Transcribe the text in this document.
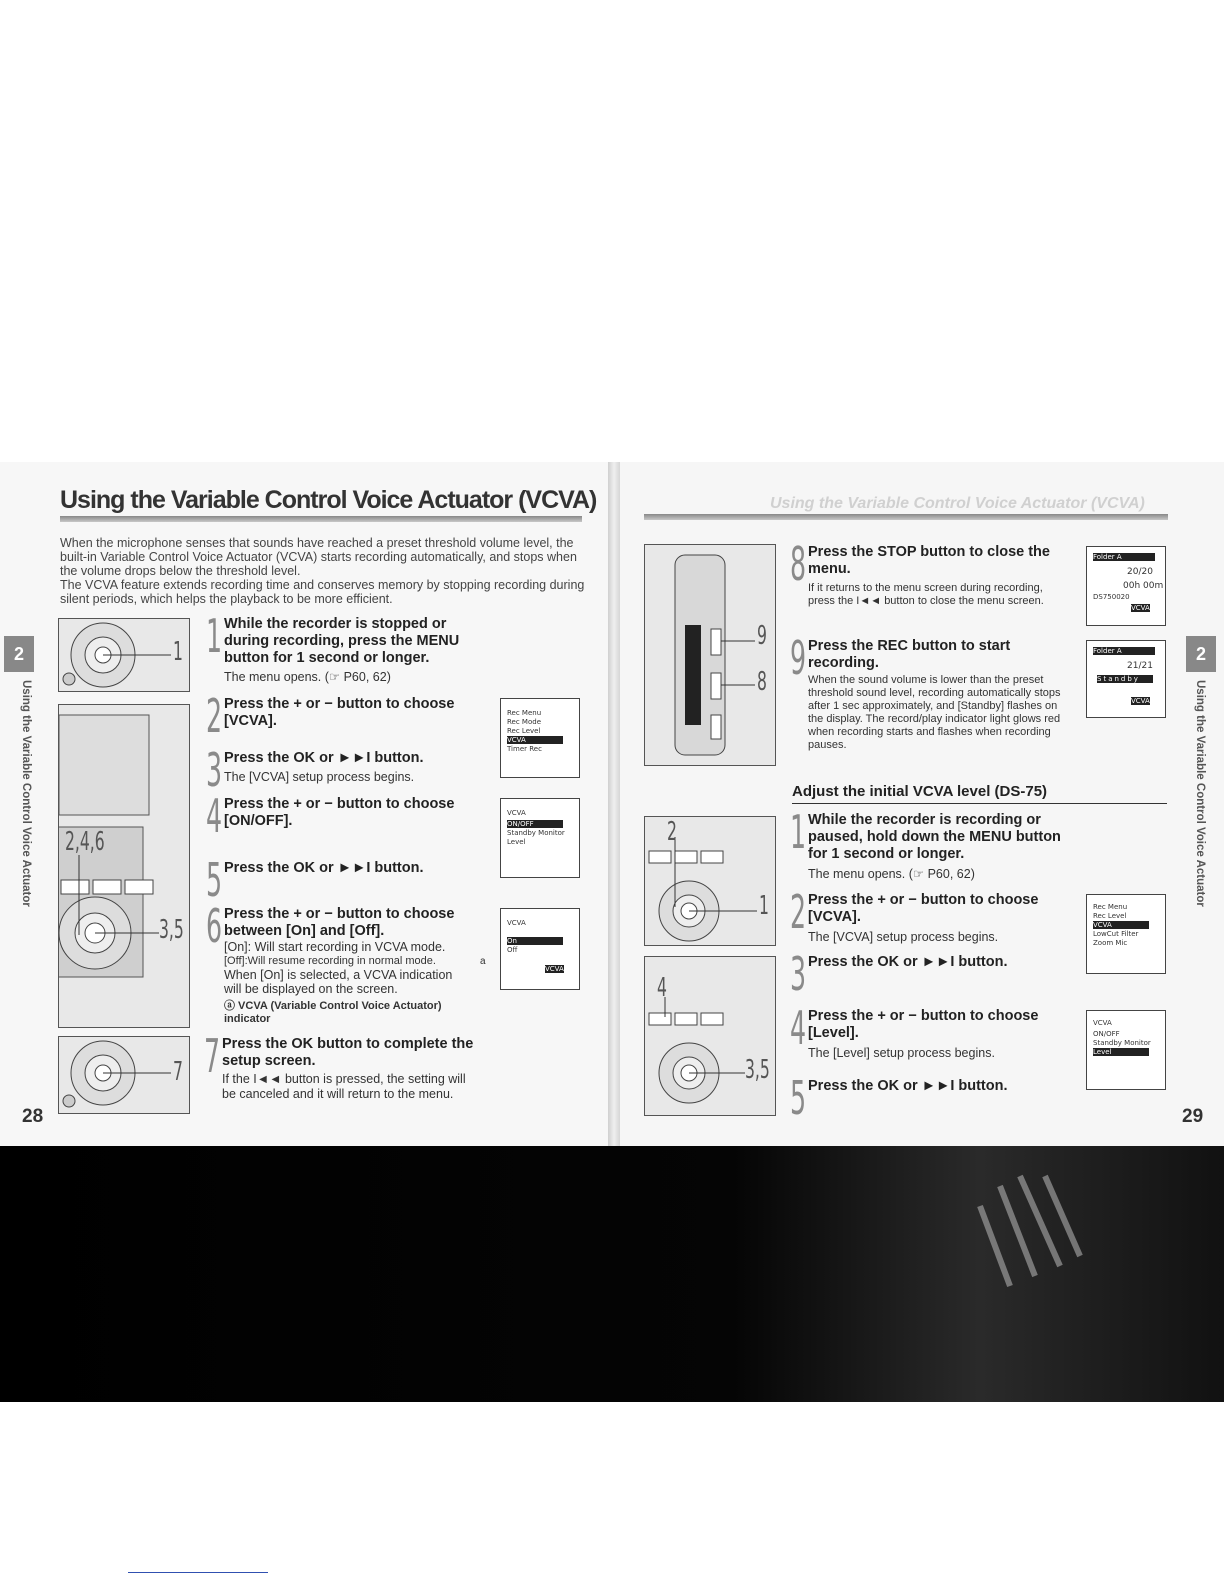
Using the Variable Control Voice Actuator (VCVA)

When the microphone senses that sounds have reached a preset threshold volume level, the built-in Variable Control Voice Actuator (VCVA) starts recording automatically, and stops when the volume drops below the threshold level.

The VCVA feature extends recording time and conserves memory by stopping recording during silent periods, which helps the playback to be more efficient.

2
Using the Variable Control Voice Actuator
28
1
2,4,6
3,5
7
1 While the recorder is stopped or during recording, press the MENU button for 1 second or longer.
The menu opens. (☞ P60, 62)
2 Press the + or − button to choose [VCVA].
3 Press the OK or ►►I button.
The [VCVA] setup process begins.
4 Press the + or − button to choose [ON/OFF].
5 Press the OK or ►►I button.
6 Press the + or − button to choose between [On] and [Off].
[On]: Will start recording in VCVA mode.
[Off]:Will resume recording in normal mode.
When [On] is selected, a VCVA indication will be displayed on the screen.
ⓐ VCVA (Variable Control Voice Actuator) indicator
7 Press the OK button to complete the setup screen.
If the I◄◄ button is pressed, the setting will be canceled and it will return to the menu.
Rec Menu
Rec Mode
Rec Level
VCVA
Timer Rec
VCVA
ON/OFF
Standby Monitor
Level
VCVA
On
Off
VCVA
a
Using the Variable Control Voice Actuator (VCVA)
2
Using the Variable Control Voice Actuator
29
9
8
2
1
4
3,5
8 Press the STOP button to close the menu.
If it returns to the menu screen during recording, press the I◄◄ button to close the menu screen.
9 Press the REC button to start recording.
When the sound volume is lower than the preset threshold sound level, recording automatically stops after 1 sec approximately, and [Standby] flashes on the display. The record/play indicator light glows red when recording starts and flashes when recording pauses.
Adjust the initial VCVA level (DS-75)
1 While the recorder is recording or paused, hold down the MENU button for 1 second or longer.
The menu opens. (☞ P60, 62)
2 Press the + or − button to choose [VCVA].
The [VCVA] setup process begins.
3 Press the OK or ►►I button.
4 Press the + or − button to choose [Level].
The [Level] setup process begins.
5 Press the OK or ►►I button.
Folder A
20/20
00h 00m
DS750020
VCVA
Folder A
21/21
Standby
VCVA
Rec Menu
Rec Level
VCVA
LowCut Filter
Zoom Mic
VCVA
ON/OFF
Standby Monitor
Level
